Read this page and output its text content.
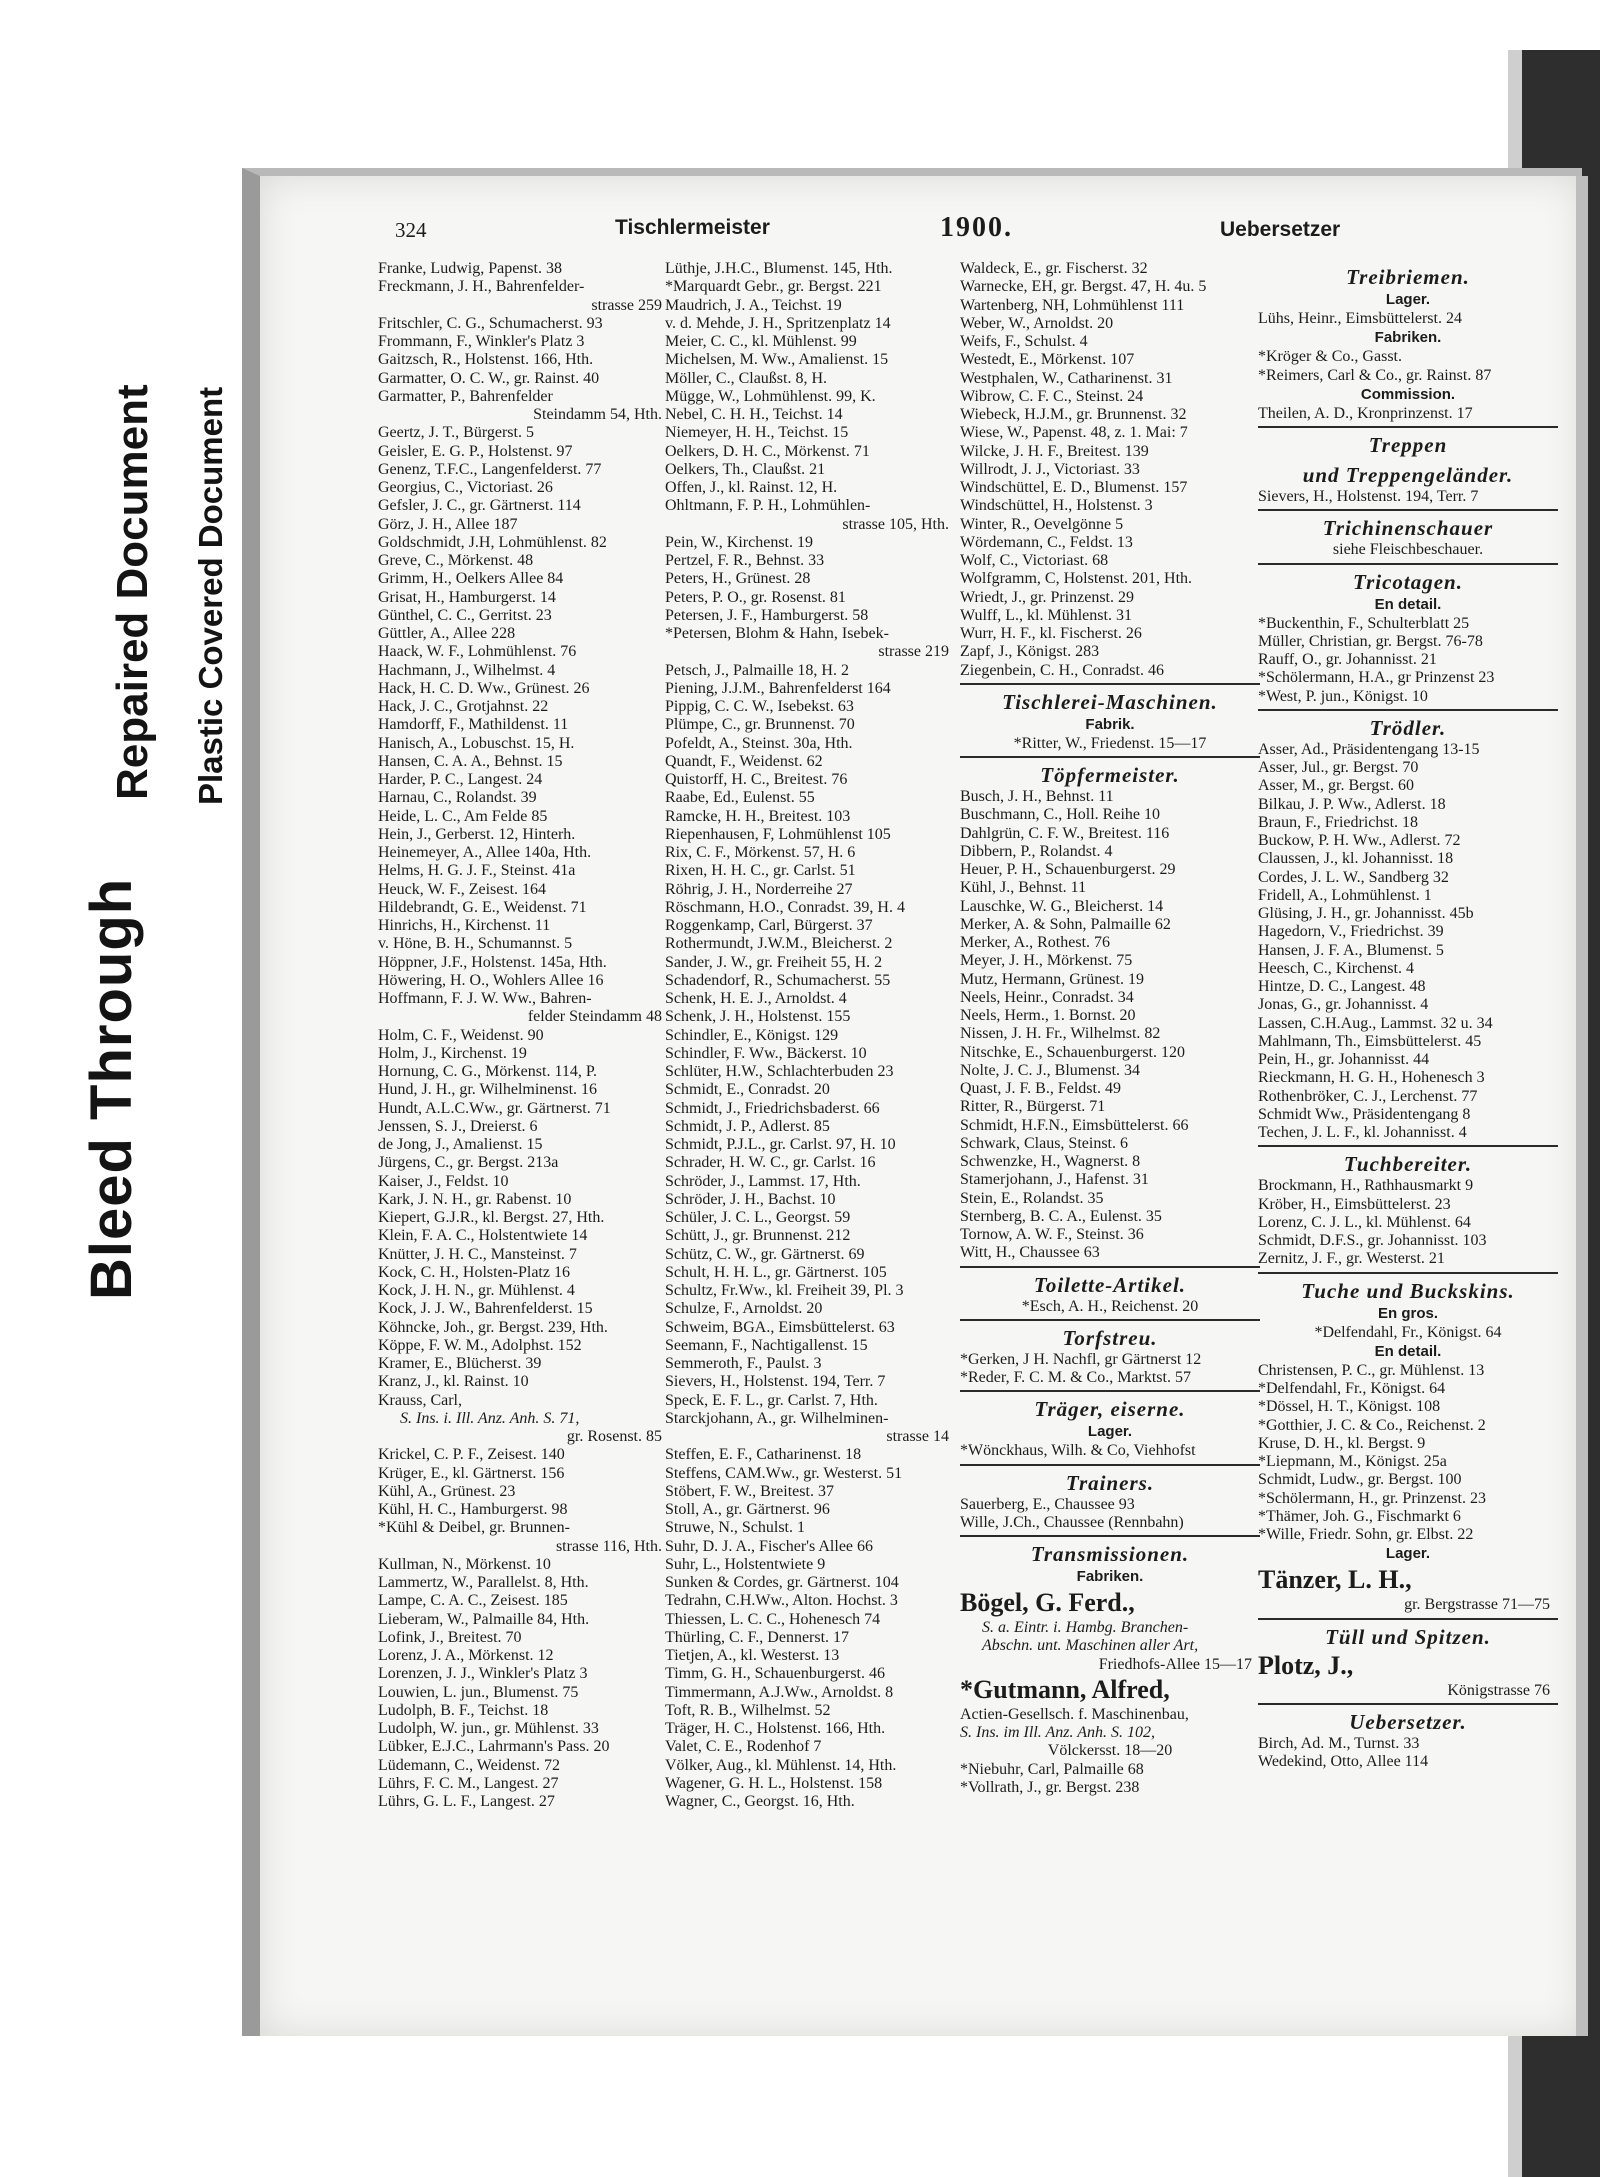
Bleed Through
Repaired Document Plastic Covered Document
324	Tischlermeister	1900.	Uebersetzer
Franke, Ludwig, Papenst. 38
Freckmann, J. H., Bahrenfelder-
strasse 259
Fritschler, C. G., Schumacherst. 93
Frommann, F., Winkler's Platz 3
Gaitzsch, R., Holstenst. 166, Hth.
Garmatter, O. C. W., gr. Rainst. 40
Garmatter, P., Bahrenfelder
Steindamm 54, Hth.
Geertz, J. T., Bürgerst. 5
Geisler, E. G. P., Holstenst. 97
Genenz, T.F.C., Langenfelderst. 77
Georgius, C., Victoriast. 26
Gefsler, J. C., gr. Gärtnerst. 114
Görz, J. H., Allee 187
Goldschmidt, J.H, Lohmühlenst. 82
Greve, C., Mörkenst. 48
Grimm, H., Oelkers Allee 84
Grisat, H., Hamburgerst. 14
Günthel, C. C., Gerritst. 23
Güttler, A., Allee 228
Haack, W. F., Lohmühlenst. 76
Hachmann, J., Wilhelmst. 4
Hack, H. C. D. Ww., Grünest. 26
Hack, J. C., Grotjahnst. 22
Hamdorff, F., Mathildenst. 11
Hanisch, A., Lobuschst. 15, H.
Hansen, C. A. A., Behnst. 15
Harder, P. C., Langest. 24
Harnau, C., Rolandst. 39
Heide, L. C., Am Felde 85
Hein, J., Gerberst. 12, Hinterh.
Heinemeyer, A., Allee 140a, Hth.
Helms, H. G. J. F., Steinst. 41a
Heuck, W. F., Zeisest. 164
Hildebrandt, G. E., Weidenst. 71
Hinrichs, H., Kirchenst. 11
v. Höne, B. H., Schumannst. 5
Höppner, J.F., Holstenst. 145a, Hth.
Höwering, H. O., Wohlers Allee 16
Hoffmann, F. J. W. Ww., Bahren-
felder Steindamm 48
Holm, C. F., Weidenst. 90
Holm, J., Kirchenst. 19
Hornung, C. G., Mörkenst. 114, P.
Hund, J. H., gr. Wilhelminenst. 16
Hundt, A.L.C.Ww., gr. Gärtnerst. 71
Jenssen, S. J., Dreierst. 6
de Jong, J., Amalienst. 15
Jürgens, C., gr. Bergst. 213a
Kaiser, J., Feldst. 10
Kark, J. N. H., gr. Rabenst. 10
Kiepert, G.J.R., kl. Bergst. 27, Hth.
Klein, F. A. C., Holstentwiete 14
Knütter, J. H. C., Mansteinst. 7
Kock, C. H., Holsten-Platz 16
Kock, J. H. N., gr. Mühlenst. 4
Kock, J. J. W., Bahrenfelderst. 15
Köhncke, Joh., gr. Bergst. 239, Hth.
Köppe, F. W. M., Adolphst. 152
Kramer, E., Blücherst. 39
Kranz, J., kl. Rainst. 10
Krauss, Carl,
S. Ins. i. Ill. Anz. Anh. S. 71,
gr. Rosenst. 85
Krickel, C. P. F., Zeisest. 140
Krüger, E., kl. Gärtnerst. 156
Kühl, A., Grünest. 23
Kühl, H. C., Hamburgerst. 98
*Kühl & Deibel, gr. Brunnen-
strasse 116, Hth.
Kullman, N., Mörkenst. 10
Lammertz, W., Parallelst. 8, Hth.
Lampe, C. A. C., Zeisest. 185
Lieberam, W., Palmaille 84, Hth.
Lofink, J., Breitest. 70
Lorenz, J. A., Mörkenst. 12
Lorenzen, J. J., Winkler's Platz 3
Louwien, L. jun., Blumenst. 75
Ludolph, B. F., Teichst. 18
Ludolph, W. jun., gr. Mühlenst. 33
Lübker, E.J.C., Lahrmann's Pass. 20
Lüdemann, C., Weidenst. 72
Lührs, F. C. M., Langest. 27
Lührs, G. L. F., Langest. 27
Lüthje, J.H.C., Blumenst. 145, Hth.
*Marquardt Gebr., gr. Bergst. 221
Maudrich, J. A., Teichst. 19
v. d. Mehde, J. H., Spritzenplatz 14
Meier, C. C., kl. Mühlenst. 99
Michelsen, M. Ww., Amalienst. 15
Möller, C., Claußst. 8, H.
Mügge, W., Lohmühlenst. 99, K.
Nebel, C. H. H., Teichst. 14
Niemeyer, H. H., Teichst. 15
Oelkers, D. H. C., Mörkenst. 71
Oelkers, Th., Claußst. 21
Offen, J., kl. Rainst. 12, H.
Ohltmann, F. P. H., Lohmühlen-
strasse 105, Hth.
Pein, W., Kirchenst. 19
Pertzel, F. R., Behnst. 33
Peters, H., Grünest. 28
Peters, P. O., gr. Rosenst. 81
Petersen, J. F., Hamburgerst. 58
*Petersen, Blohm & Hahn, Isebek-
strasse 219
Petsch, J., Palmaille 18, H. 2
Piening, J.J.M., Bahrenfelderst 164
Pippig, C. C. W., Isebekst. 63
Plümpe, C., gr. Brunnenst. 70
Pofeldt, A., Steinst. 30a, Hth.
Quandt, F., Weidenst. 62
Quistorff, H. C., Breitest. 76
Raabe, Ed., Eulenst. 55
Ramcke, H. H., Breitest. 103
Riepenhausen, F, Lohmühlenst 105
Rix, C. F., Mörkenst. 57, H. 6
Rixen, H. H. C., gr. Carlst. 51
Röhrig, J. H., Norderreihe 27
Röschmann, H.O., Conradst. 39, H. 4
Roggenkamp, Carl, Bürgerst. 37
Rothermundt, J.W.M., Bleicherst. 2
Sander, J. W., gr. Freiheit 55, H. 2
Schadendorf, R., Schumacherst. 55
Schenk, H. E. J., Arnoldst. 4
Schenk, J. H., Holstenst. 155
Schindler, E., Königst. 129
Schindler, F. Ww., Bäckerst. 10
Schlüter, H.W., Schlachterbuden 23
Schmidt, E., Conradst. 20
Schmidt, J., Friedrichsbaderst. 66
Schmidt, J. P., Adlerst. 85
Schmidt, P.J.L., gr. Carlst. 97, H. 10
Schrader, H. W. C., gr. Carlst. 16
Schröder, J., Lammst. 17, Hth.
Schröder, J. H., Bachst. 10
Schüler, J. C. L., Georgst. 59
Schütt, J., gr. Brunnenst. 212
Schütz, C. W., gr. Gärtnerst. 69
Schult, H. H. L., gr. Gärtnerst. 105
Schultz, Fr.Ww., kl. Freiheit 39, Pl. 3
Schulze, F., Arnoldst. 20
Schweim, BGA., Eimsbüttelerst. 63
Seemann, F., Nachtigallenst. 15
Semmeroth, F., Paulst. 3
Sievers, H., Holstenst. 194, Terr. 7
Speck, E. F. L., gr. Carlst. 7, Hth.
Starckjohann, A., gr. Wilhelminen-
strasse 14
Steffen, E. F., Catharinenst. 18
Steffens, CAM.Ww., gr. Westerst. 51
Stöbert, F. W., Breitest. 37
Stoll, A., gr. Gärtnerst. 96
Struwe, N., Schulst. 1
Suhr, D. J. A., Fischer's Allee 66
Suhr, L., Holstentwiete 9
Sunken & Cordes, gr. Gärtnerst. 104
Tedrahn, C.H.Ww., Alton. Hochst. 3
Thiessen, L. C. C., Hohenesch 74
Thürling, C. F., Dennerst. 17
Tietjen, A., kl. Westerst. 13
Timm, G. H., Schauenburgerst. 46
Timmermann, A.J.Ww., Arnoldst. 8
Toft, R. B., Wilhelmst. 52
Träger, H. C., Holstenst. 166, Hth.
Valet, C. E., Rodenhof 7
Völker, Aug., kl. Mühlenst. 14, Hth.
Wagener, G. H. L., Holstenst. 158
Wagner, C., Georgst. 16, Hth.
Waldeck, E., gr. Fischerst. 32
Warnecke, EH, gr. Bergst. 47, H. 4u. 5
Wartenberg, NH, Lohmühlenst 111
Weber, W., Arnoldst. 20
Weifs, F., Schulst. 4
Westedt, E., Mörkenst. 107
Westphalen, W., Catharinenst. 31
Wibrow, C. F. C., Steinst. 24
Wiebeck, H.J.M., gr. Brunnenst. 32
Wiese, W., Papenst. 48, z. 1. Mai: 7
Wilcke, J. H. F., Breitest. 139
Willrodt, J. J., Victoriast. 33
Windschüttel, E. D., Blumenst. 157
Windschüttel, H., Holstenst. 3
Winter, R., Oevelgönne 5
Wördemann, C., Feldst. 13
Wolf, C., Victoriast. 68
Wolfgramm, C, Holstenst. 201, Hth.
Wriedt, J., gr. Prinzenst. 29
Wulff, L., kl. Mühlenst. 31
Wurr, H. F., kl. Fischerst. 26
Zapf, J., Königst. 283
Ziegenbein, C. H., Conradst. 46
Tischlerei-Maschinen.
Fabrik.
*Ritter, W., Friedenst. 15—17
Töpfermeister.
Busch, J. H., Behnst. 11
Buschmann, C., Holl. Reihe 10
Dahlgrün, C. F. W., Breitest. 116
Dibbern, P., Rolandst. 4
Heuer, P. H., Schauenburgerst. 29
Kühl, J., Behnst. 11
Lauschke, W. G., Bleicherst. 14
Merker, A. & Sohn, Palmaille 62
Merker, A., Rothest. 76
Meyer, J. H., Mörkenst. 75
Mutz, Hermann, Grünest. 19
Neels, Heinr., Conradst. 34
Neels, Herm., 1. Bornst. 20
Nissen, J. H. Fr., Wilhelmst. 82
Nitschke, E., Schauenburgerst. 120
Nolte, J. C. J., Blumenst. 34
Quast, J. F. B., Feldst. 49
Ritter, R., Bürgerst. 71
Schmidt, H.F.N., Eimsbüttelerst. 66
Schwark, Claus, Steinst. 6
Schwenzke, H., Wagnerst. 8
Stamerjohann, J., Hafenst. 31
Stein, E., Rolandst. 35
Sternberg, B. C. A., Eulenst. 35
Tornow, A. W. F., Steinst. 36
Witt, H., Chaussee 63
Toilette-Artikel.
*Esch, A. H., Reichenst. 20
Torfstreu.
*Gerken, J H. Nachfl, gr Gärtnerst 12
*Reder, F. C. M. & Co., Marktst. 57
Träger, eiserne.
Lager.
*Wönckhaus, Wilh. & Co, Viehhofst
Trainers.
Sauerberg, E., Chaussee 93
Wille, J.Ch., Chaussee (Rennbahn)
Transmissionen.
Fabriken.
Bögel, G. Ferd.,
S. a. Eintr. i. Hambg. Branchen-
Abschn. unt. Maschinen aller Art,
Friedhofs-Allee 15—17
*Gutmann, Alfred,
Actien-Gesellsch. f. Maschinenbau,
S. Ins. im Ill. Anz. Anh. S. 102,
Völckersst. 18—20
*Niebuhr, Carl, Palmaille 68
*Vollrath, J., gr. Bergst. 238
Treibriemen.
Lager.
Lühs, Heinr., Eimsbüttelerst. 24
Fabriken.
*Kröger & Co., Gasst.
*Reimers, Carl & Co., gr. Rainst. 87
Commission.
Theilen, A. D., Kronprinzenst. 17
Treppen
und Treppengeländer.
Sievers, H., Holstenst. 194, Terr. 7
Trichinenschauer
siehe Fleischbeschauer.
Tricotagen.
En detail.
*Buckenthin, F., Schulterblatt 25
Müller, Christian, gr. Bergst. 76-78
Rauff, O., gr. Johannisst. 21
*Schölermann, H.A., gr Prinzenst 23
*West, P. jun., Königst. 10
Trödler.
Asser, Ad., Präsidentengang 13-15
Asser, Jul., gr. Bergst. 70
Asser, M., gr. Bergst. 60
Bilkau, J. P. Ww., Adlerst. 18
Braun, F., Friedrichst. 18
Buckow, P. H. Ww., Adlerst. 72
Claussen, J., kl. Johannisst. 18
Cordes, J. L. W., Sandberg 32
Fridell, A., Lohmühlenst. 1
Glüsing, J. H., gr. Johannisst. 45b
Hagedorn, V., Friedrichst. 39
Hansen, J. F. A., Blumenst. 5
Heesch, C., Kirchenst. 4
Hintze, D. C., Langest. 48
Jonas, G., gr. Johannisst. 4
Lassen, C.H.Aug., Lammst. 32 u. 34
Mahlmann, Th., Eimsbüttelerst. 45
Pein, H., gr. Johannisst. 44
Rieckmann, H. G. H., Hohenesch 3
Rothenbröker, C. J., Lerchenst. 77
Schmidt Ww., Präsidentengang 8
Techen, J. L. F., kl. Johannisst. 4
Tuchbereiter.
Brockmann, H., Rathhausmarkt 9
Kröber, H., Eimsbüttelerst. 23
Lorenz, C. J. L., kl. Mühlenst. 64
Schmidt, D.F.S., gr. Johannisst. 103
Zernitz, J. F., gr. Westerst. 21
Tuche und Buckskins.
En gros.
*Delfendahl, Fr., Königst. 64
En detail.
Christensen, P. C., gr. Mühlenst. 13
*Delfendahl, Fr., Königst. 64
*Dössel, H. T., Königst. 108
*Gotthier, J. C. & Co., Reichenst. 2
Kruse, D. H., kl. Bergst. 9
*Liepmann, M., Königst. 25a
Schmidt, Ludw., gr. Bergst. 100
*Schölermann, H., gr. Prinzenst. 23
*Thämer, Joh. G., Fischmarkt 6
*Wille, Friedr. Sohn, gr. Elbst. 22
Lager.
Tänzer, L. H.,
gr. Bergstrasse 71—75
Tüll und Spitzen.
Plotz, J.,
Königstrasse 76
Uebersetzer.
Birch, Ad. M., Turnst. 33
Wedekind, Otto, Allee 114
